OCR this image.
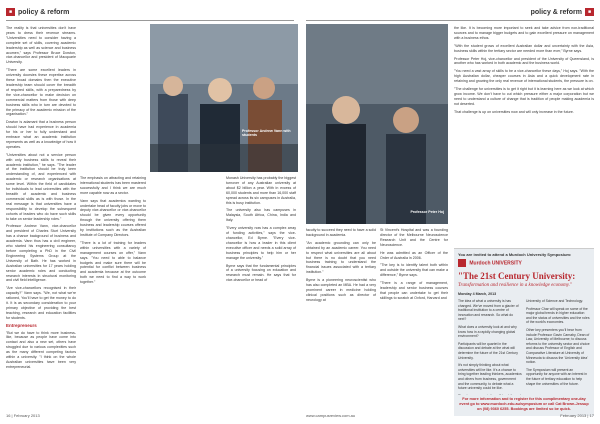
■ policy & reform
Professor Andrew Vann with students

The reality is that universities don't have years to dress their revenue streams. "Universities need to consider having a complete set of skills, covering academic leadership as well as science and business acumen," says Professor Bruce Dowton, vice-chancellor and president of Macquarie University.

"There are some excellent leaders in university doorsies these expertise across these broad domains then the executive leadership team should cover the breadth of required skills, with a preparedness by the vice-chancellor to make decision on commercial matters from those with deep business skills who in turn are devoted to the primacy of the academic mission of the organisation."

Dowton is adamant that a business person should have had experience in academia for his or her to fully understand and embrace what an academic institution represents as well as a knowledge of how it operates.

"Universities about not a service person with only business skills to reveal their academic institution," he says. "The leader of the institution should be truly keen understanding of, and experienced with academic or research organisations at some level. Within the field of candidates for individuals to lead universities with the breadth of academic and business commercial skills as is with those. In the real message is that universities have a responsibility to develop the subsequent cohorts of leaders who do have such skills to take on senior leadership roles."

Professor Andrew Vann, vice-chancellor and president of Charles Sturt University has a chance background of business and academia. Vann thus has a civil engineer, who started his engineering consultancy before completing a PhD in the Civil Engineering Systems Group at the University of Bath. He has worked in Australian universities for 17 years holding senior academic roles and conducting research interests in structural monitoring and civil field intelligence.

"Are vice-chancellors recognised in their capacity?" Vann says. "We, not what we're rationed, You'll have to get the money to do it. It is as secondary consideration to your primary objective of providing the best teaching, research and education facilities for students.

Entrepreneurs

"But we do have to think more business-like, because as people have come into contact and also a new set, others have struggled due to various complexities such as the many different competing factors within a university. "I think on the whole Australian universities have been very entrepreneurial.

The emphasis on attracting and retaining international students has been mastered successfully and I think we are much more capable now as a sector.

Vann says that academics wanting to undertake head of faculty jobs or move to deputy vice-chancellor or vice-chancellor should be given every opportunity through the university offering them business and leadership courses offered by institutions such as the Australian Institute of Company Directors.

"There is a lot of training for leaders within universities with a variety of management courses on offer," Vann says. "You need to able to balance budgets and make sure there will be potential for conflict between business and academia because at the outcome both we need to find a way to work together."

Monash University has probably the biggest turnover of any Australian university at about $2 billion a year. With in excess of 60,000 students and more than 16,000 staff spread across its six campuses in Australia, this is busy institution.

The university also has campuses in Malaysia, South Africa, China, India and Italy.

"Every university now has a complex array of funding activities," says the vice-chancellor, Ed Byrne. "Every vice-chancellor is how a leader in this client executive officer and needs a solid array of business principles to help him or her manage the university."

Byrne says that the fundamental principles of a university focusing on education and research must remain. He says that for vice-chancellor or head of

16 | February 2013
policy & reform	■
Professor Peter Hoj

faculty to succeed they need to have a solid background in academia.

"An academic grounding can only be obtained by an academic career. You need to respect what universities are all about but there is no doubt that you need business training to understand the financial issues associated with a tertiary institution."

Byrne is a pioneering neuroscientist who has also completed an MBA. He had a very prominent career in medicine holding clinical positions such as director of neurology at

St Vincent's Hospital and was a founding director of the Melbourne Neuroscience Research Unit and the Centre for Neuroscience.

He was admitted as an Officer of the Order of Australia in 2006.

"The key is to identify talent both within and outside the university that can make a difference," Byrne says.

"There is a range of management, leadership and senior business courses that people can undertake to get their skillings to scratch at Oxford, Harvard and

the like. It is becoming more important to seek and take advice from non-traditional sources and to manage bigger budgets and to gain excellent pressure on management with a business ethos.

"With the student grows of excellent Australian dollar and uncertainty with the Asia, business skills within the tertiary sector are needed more than ever," Byrne says.

Professor Peter Hoj, vice-chancellor and president of the University of Queensland, is another who has worked in both academic and the business world.

"You need a vast array of skills to be a vice-chancellor these days," Hoj says. "With the high Australian dollar, cheaper courses in Asia and a quick development rate in retaining and growing the only real revenue of international students, the pressure is on.

"The challenge for universities is to get it right but it is learning here as we look at which grow income. We don't have to cut which pressure either a major corporation but we need to understand a culture of change that is tradition of people making academia is not deserted.

That challenge is up on universities now and will only increase in the future.

You are invited to attend a Murdoch University Symposium:
Murdoch UNIVERSITY
"The 21st Century University:
Transformation and resilience in a knowledge economy."
Monday 4 March, 2013

The idea of what a university is has changed. We've moved from a glacier of traditional institution to a centre of innovation and research. So what do next?

What does a university look at and why know how in a rapidly changing global environment?

Participants will be quartet in the discussion and debate at the what will determine the future of the 21st Century University.

It's not simply thinking about what universities will be like. It's a chance to bring together leading thinkers, academics and others from business, government and the community, to debate what a future university could be like.

University of Science and Technology.

Professor Char will speak on some of the major global trends in higher education and the status of universities and the roles of the world's economies.

Other key presenters you'll hear from include Professor Gavin Carnaby, Dean of Law, University of Melbourne; to discuss reforms to the university sector and choice and discuss Professor of English and Comparative Literature at University of Minnesota to discuss the 'University idea' notion.

The Symposium will present an opportunity for anyone with an interest in the future of tertiary education to help shape the universities of the future.

For more information and to register for this complimentary one-day event go to www.murdoch.edu.au/symposium or call Cat Brown-Jessup on (08) 9360 6255. Bookings are limited so be quick.
www.campusreview.com.au	February 2013 | 17
